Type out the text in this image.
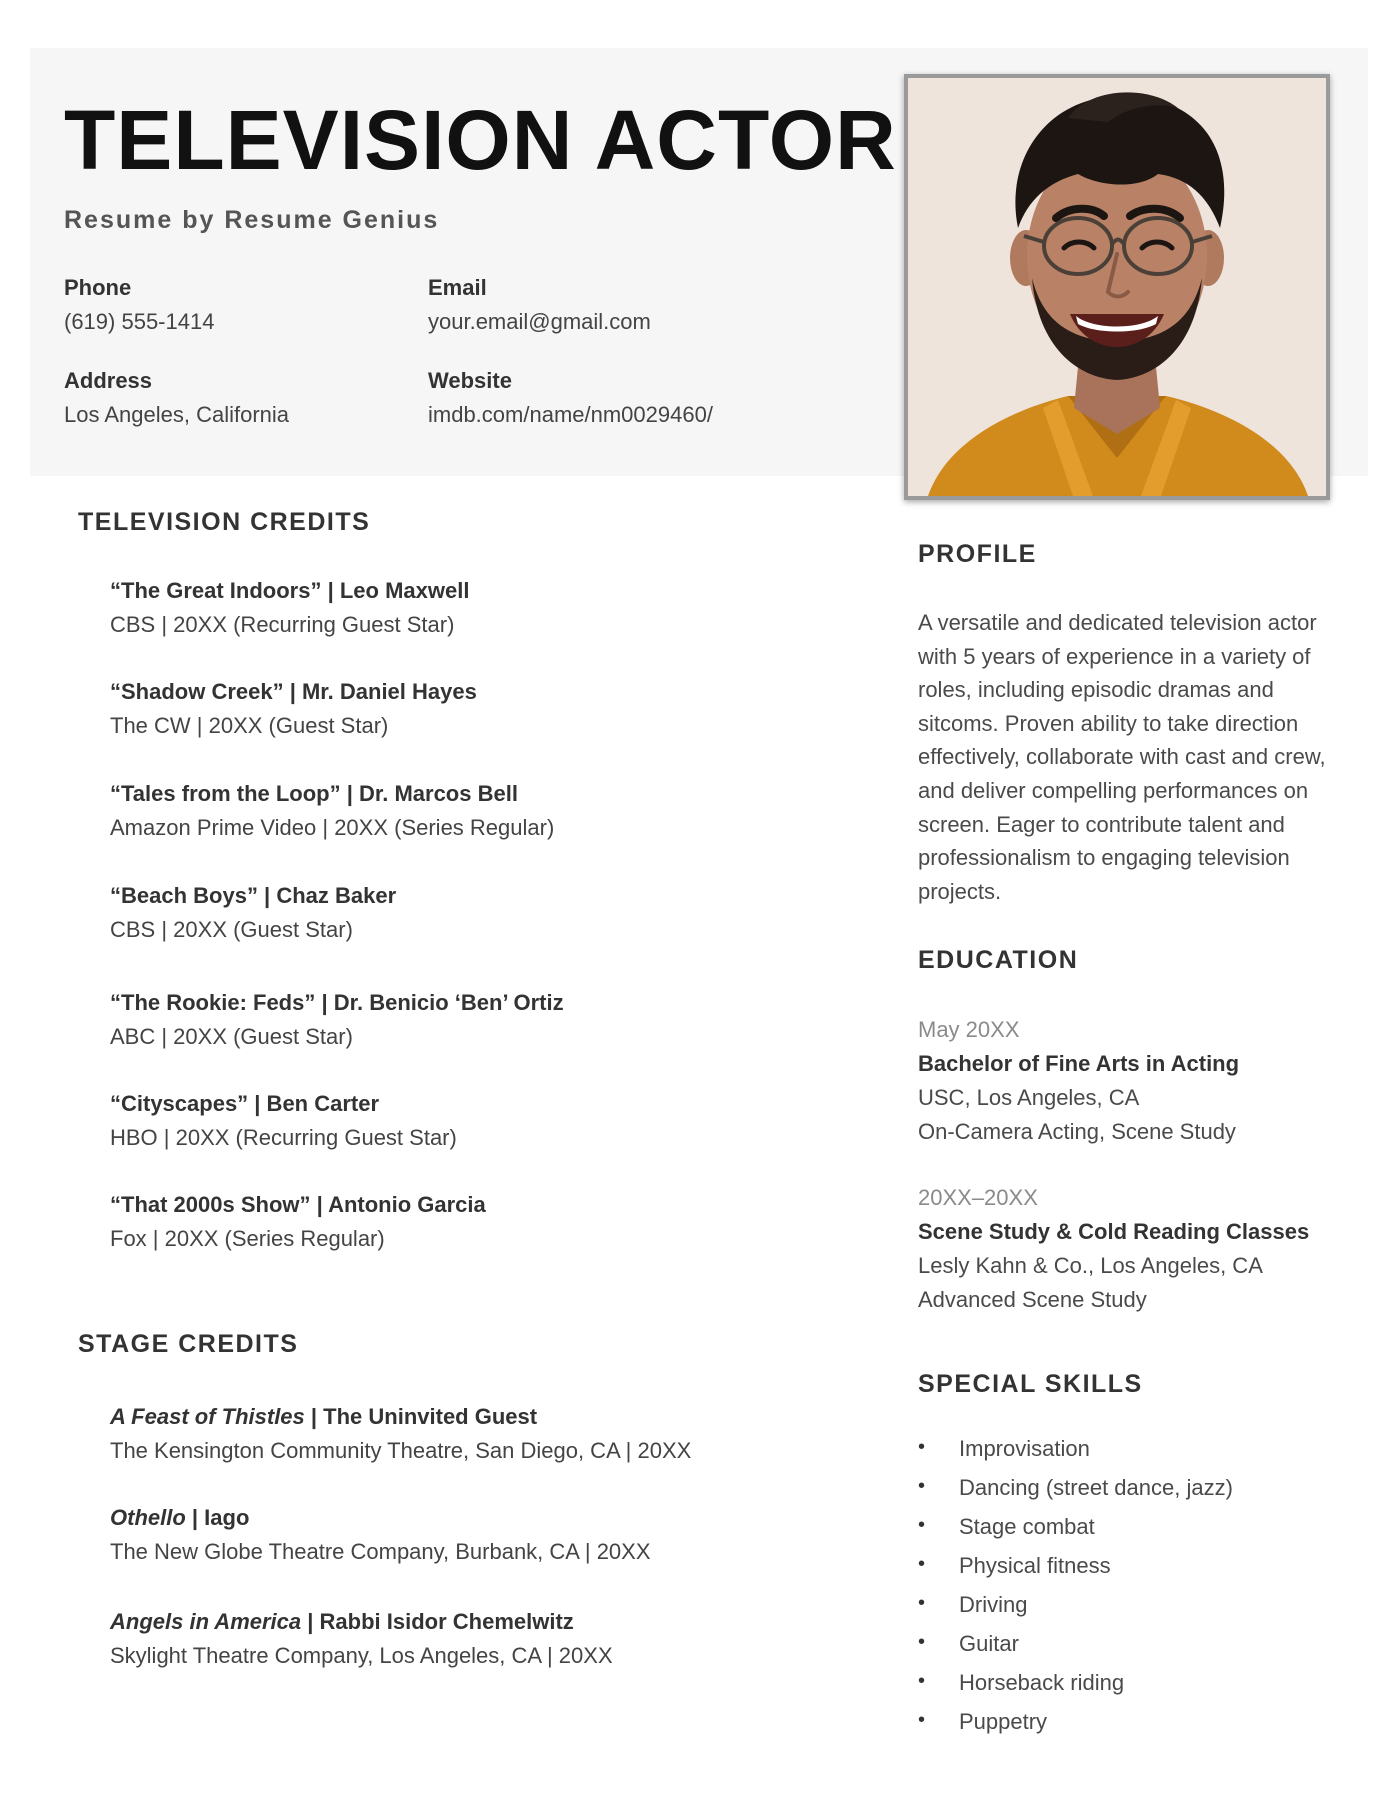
TELEVISION ACTOR
Resume by Resume Genius
Phone
(619) 555-1414
Email
your.email@gmail.com
Address
Los Angeles, California
Website
imdb.com/name/nm0029460/
TELEVISION CREDITS
“The Great Indoors” | Leo Maxwell
CBS | 20XX (Recurring Guest Star)
“Shadow Creek” | Mr. Daniel Hayes
The CW | 20XX (Guest Star)
“Tales from the Loop” | Dr. Marcos Bell
Amazon Prime Video | 20XX (Series Regular)
“Beach Boys” | Chaz Baker
CBS | 20XX (Guest Star)
“The Rookie: Feds” | Dr. Benicio ‘Ben’ Ortiz
ABC | 20XX (Guest Star)
“Cityscapes” | Ben Carter
HBO | 20XX (Recurring Guest Star)
“That 2000s Show” | Antonio Garcia
Fox | 20XX (Series Regular)
STAGE CREDITS
A Feast of Thistles | The Uninvited Guest
The Kensington Community Theatre, San Diego, CA | 20XX
Othello | Iago
The New Globe Theatre Company, Burbank, CA | 20XX
Angels in America | Rabbi Isidor Chemelwitz
Skylight Theatre Company, Los Angeles, CA | 20XX
PROFILE
A versatile and dedicated television actor with 5 years of experience in a variety of roles, including episodic dramas and sitcoms. Proven ability to take direction effectively, collaborate with cast and crew, and deliver compelling performances on screen. Eager to contribute talent and professionalism to engaging television projects.
EDUCATION
May 20XX
Bachelor of Fine Arts in Acting
USC, Los Angeles, CA
On-Camera Acting, Scene Study
20XX–20XX
Scene Study & Cold Reading Classes
Lesly Kahn & Co., Los Angeles, CA
Advanced Scene Study
SPECIAL SKILLS
•	Improvisation
•	Dancing (street dance, jazz)
•	Stage combat
•	Physical fitness
•	Driving
•	Guitar
•	Horseback riding
•	Puppetry
